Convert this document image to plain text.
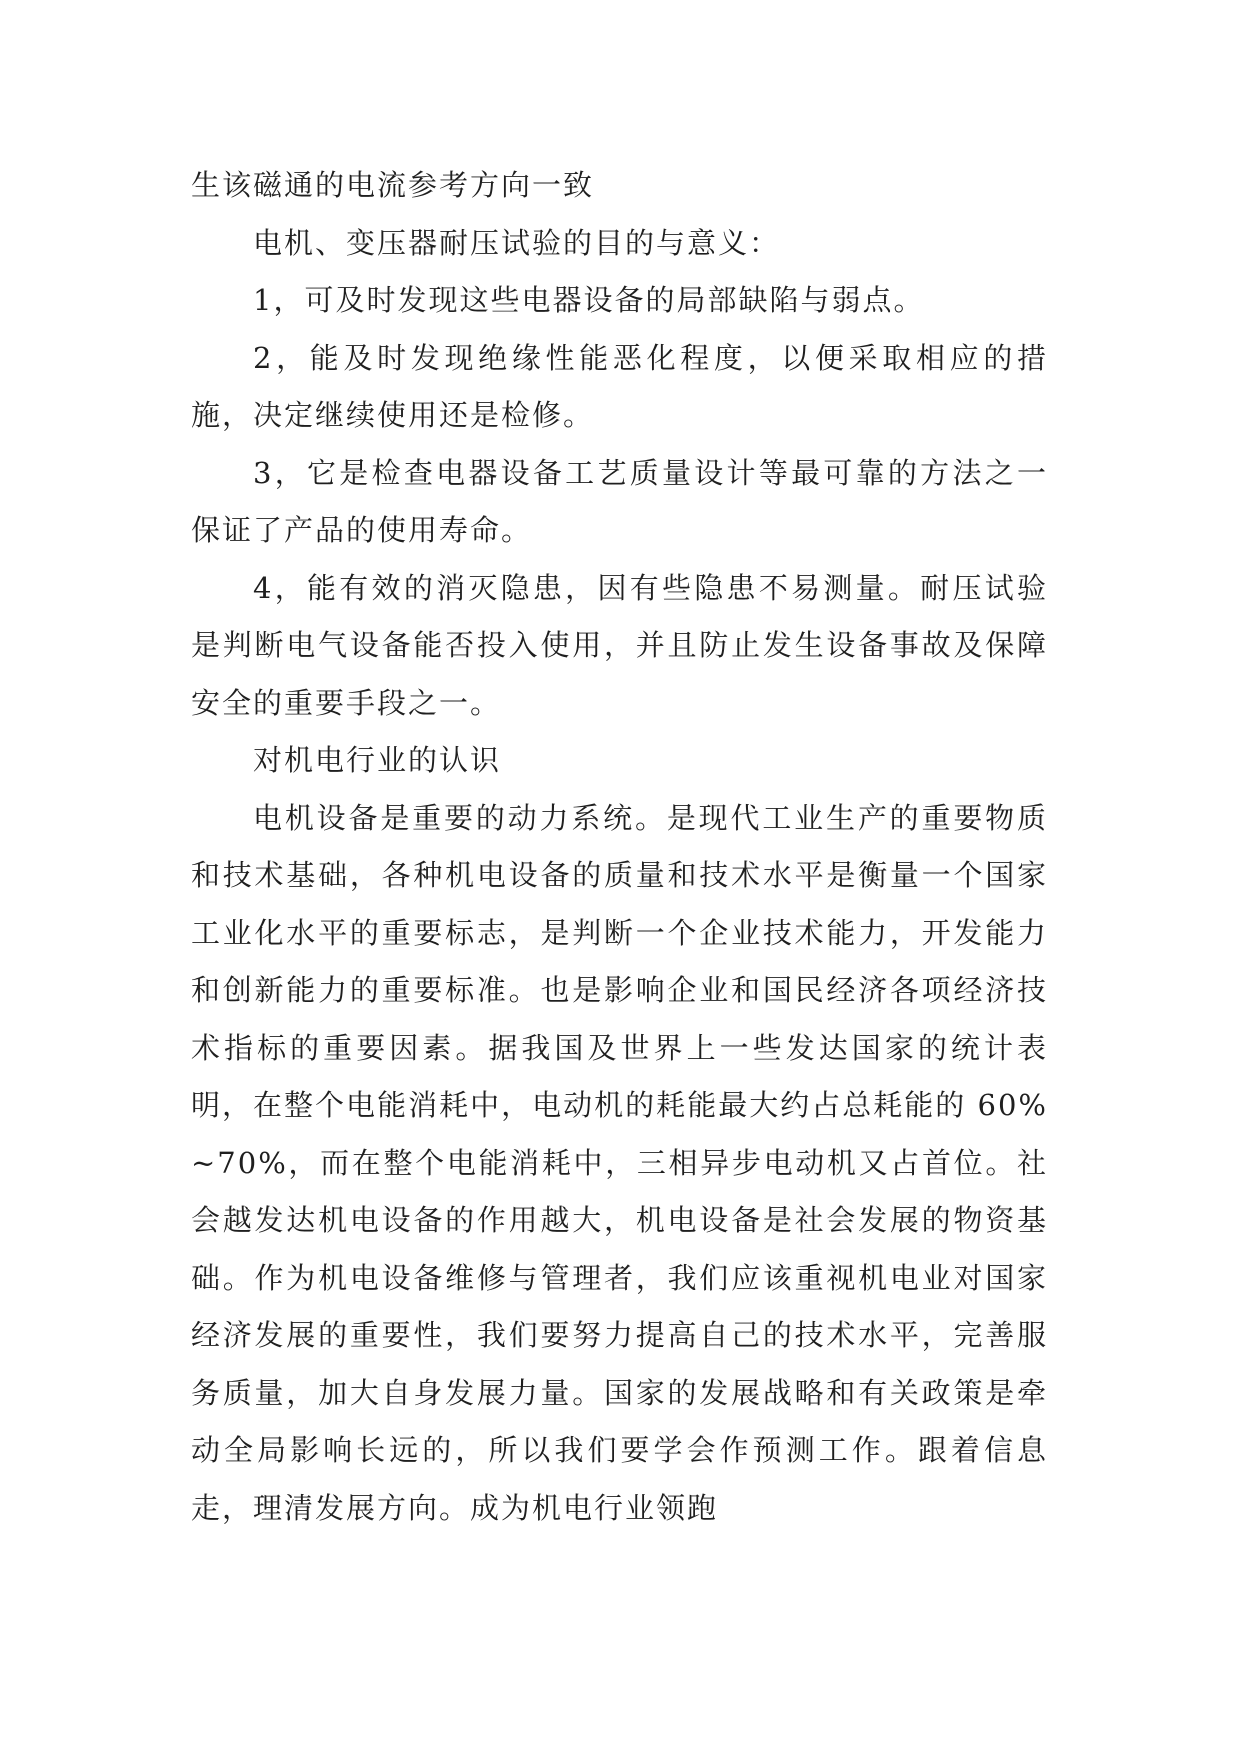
生该磁通的电流参考方向一致

电机、变压器耐压试验的目的与意义：

1，可及时发现这些电器设备的局部缺陷与弱点。

2，能及时发现绝缘性能恶化程度，以便采取相应的措施，决定继续使用还是检修。

3，它是检查电器设备工艺质量设计等最可靠的方法之一保证了产品的使用寿命。

4，能有效的消灭隐患，因有些隐患不易测量。耐压试验是判断电气设备能否投入使用，并且防止发生设备事故及保障安全的重要手段之一。

对机电行业的认识

电机设备是重要的动力系统。是现代工业生产的重要物质和技术基础，各种机电设备的质量和技术水平是衡量一个国家工业化水平的重要标志，是判断一个企业技术能力，开发能力和创新能力的重要标准。也是影响企业和国民经济各项经济技术指标的重要因素。据我国及世界上一些发达国家的统计表明，在整个电能消耗中，电动机的耗能最大约占总耗能的 60%~70%，而在整个电能消耗中，三相异步电动机又占首位。社会越发达机电设备的作用越大，机电设备是社会发展的物资基础。作为机电设备维修与管理者，我们应该重视机电业对国家经济发展的重要性，我们要努力提高自己的技术水平，完善服务质量，加大自身发展力量。国家的发展战略和有关政策是牵动全局影响长远的，所以我们要学会作预测工作。跟着信息走，理清发展方向。成为机电行业领跑
